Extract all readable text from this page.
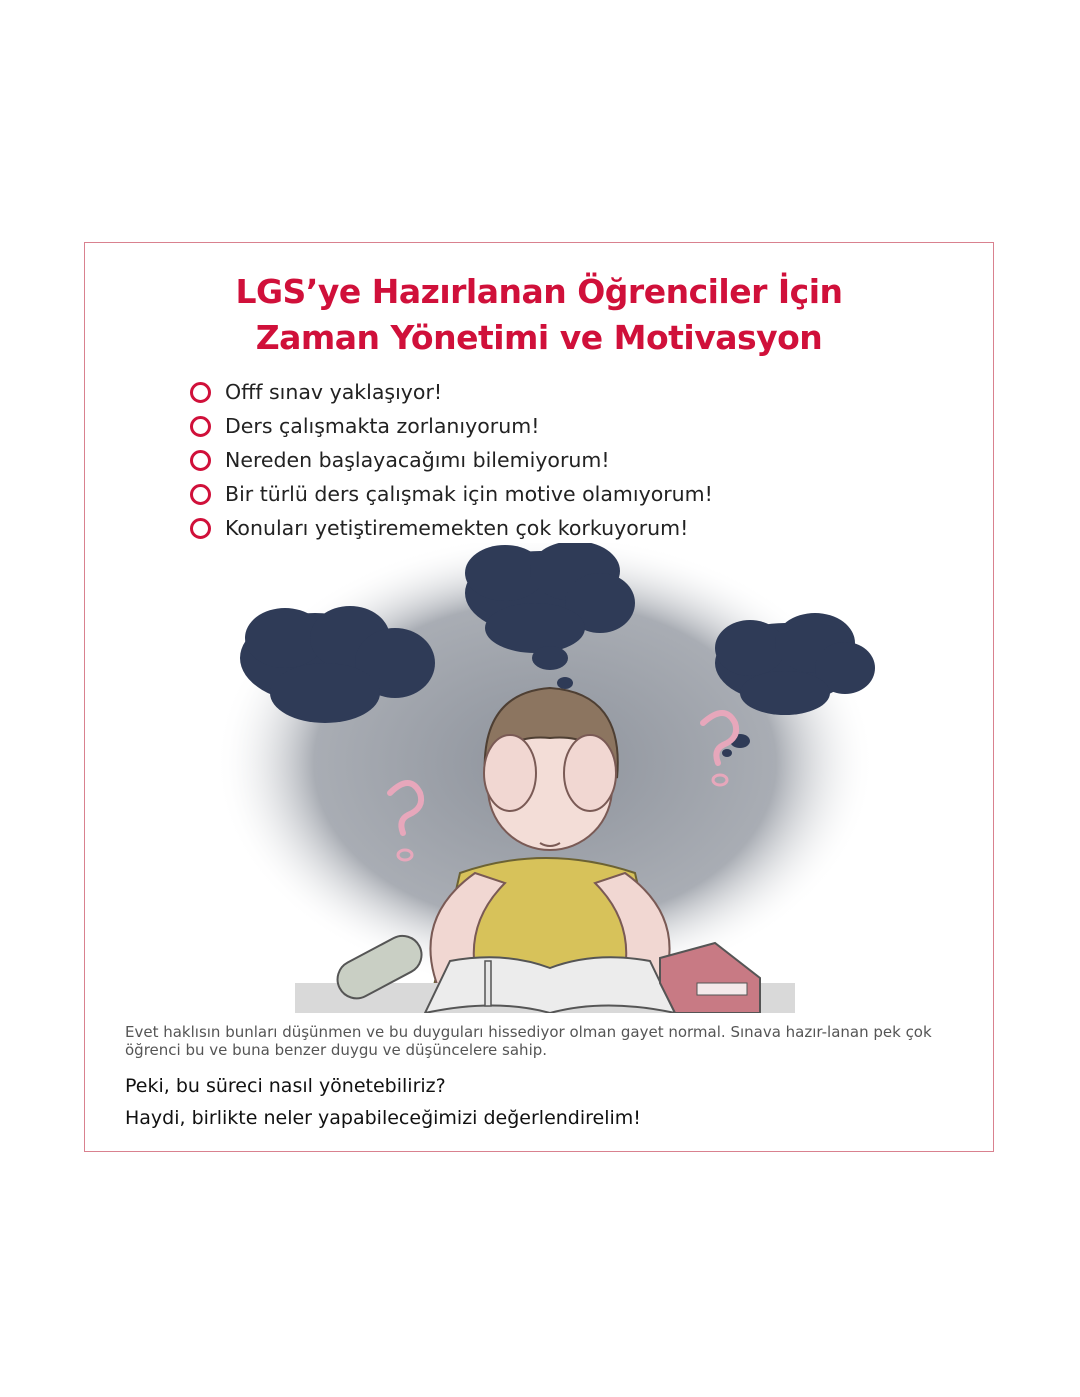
LGS’ye Hazırlanan Öğrenciler İçin
Zaman Yönetimi ve Motivasyon
Offf sınav yaklaşıyor!
Ders çalışmakta zorlanıyorum!
Nereden başlayacağımı bilemiyorum!
Bir türlü ders çalışmak için motive olamıyorum!
Konuları yetiştirememekten çok korkuyorum!
Evet haklısın bunları düşünmen ve bu duyguları hissediyor olman gayet normal. Sınava hazır-lanan pek çok öğrenci bu ve buna benzer duygu ve düşüncelere sahip.
Peki, bu süreci nasıl yönetebiliriz?
Haydi, birlikte neler yapabileceğimizi değerlendirelim!
